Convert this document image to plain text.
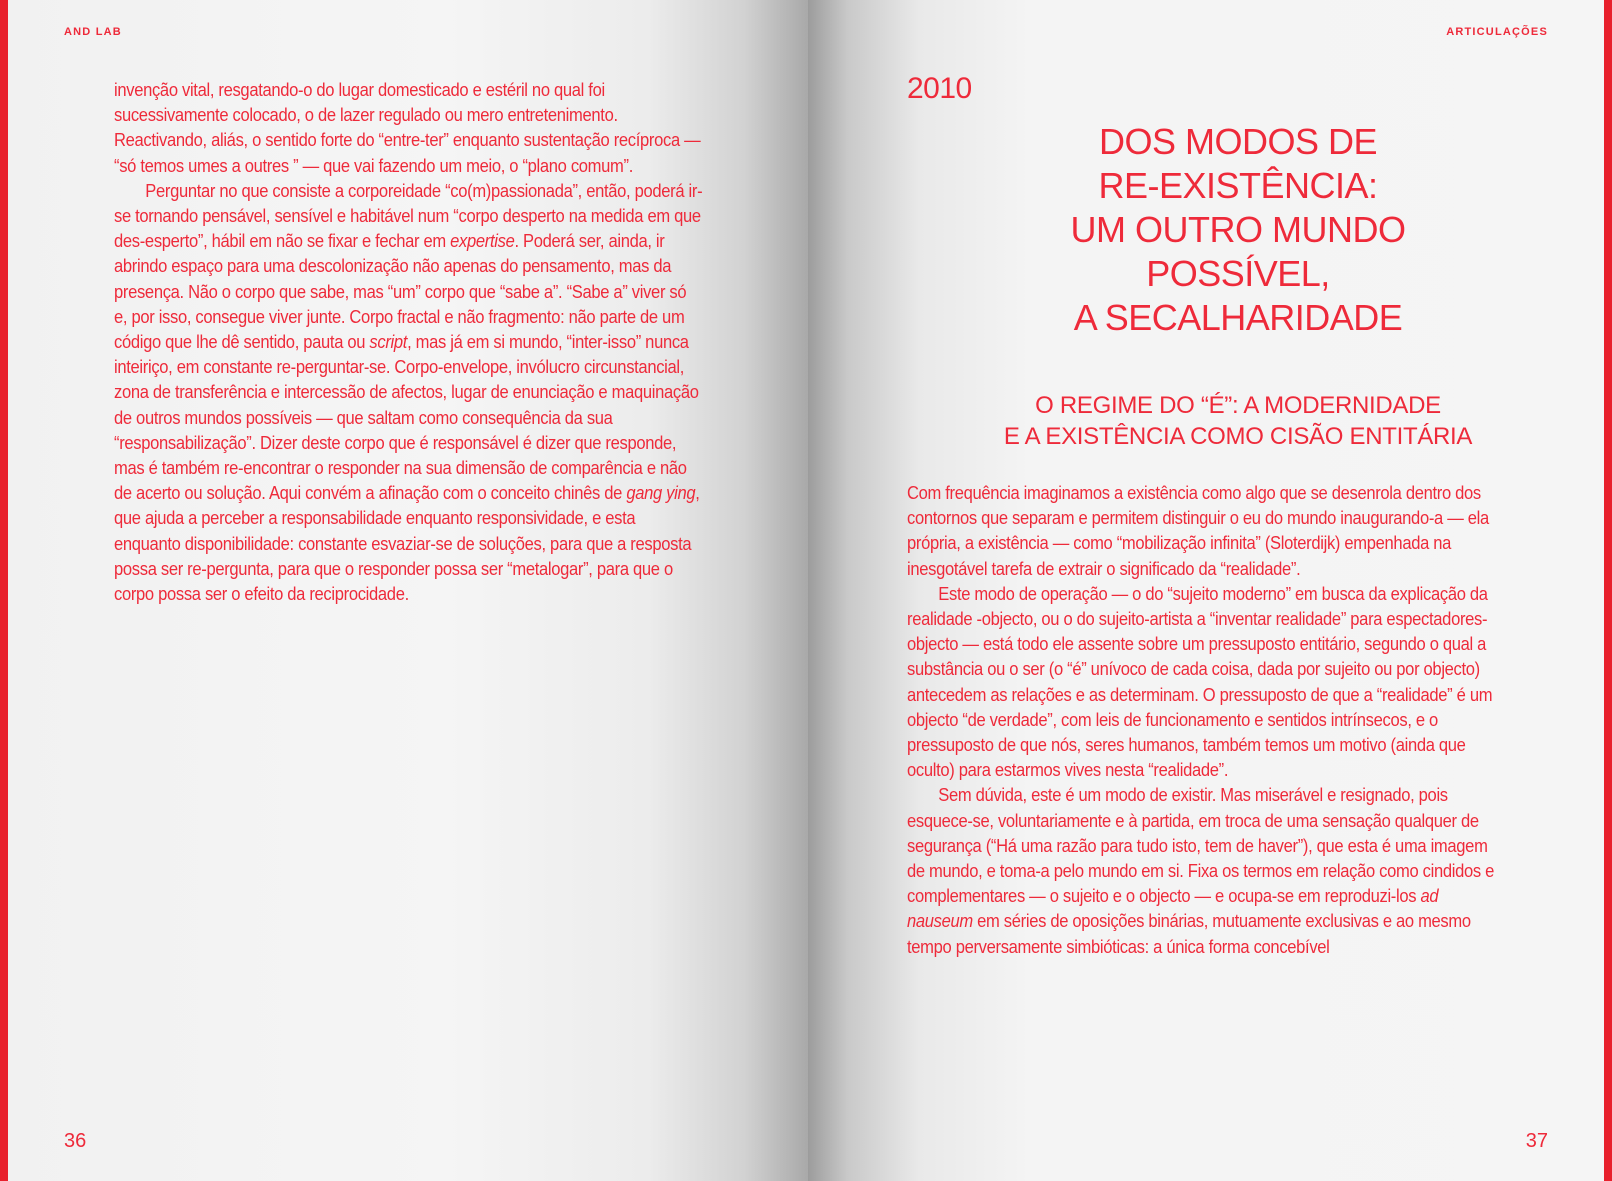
AND LAB

invenção vital, resgatando-o do lugar domesticado e estéril no qual foi sucessivamente colocado, o de lazer regulado ou mero entretenimento. Reactivando, aliás, o sentido forte do “entre-ter” enquanto sustentação recíproca — “só temos umes a outres ” — que vai fazendo um meio, o “plano comum”.

Perguntar no que consiste a corporeidade “co(m)passionada”, então, poderá ir-se tornando pensável, sensível e habitável num “corpo desperto na medida em que des-esperto”, hábil em não se fixar e fechar em expertise. Poderá ser, ainda, ir abrindo espaço para uma descolonização não apenas do pensamento, mas da presença. Não o corpo que sabe, mas “um” corpo que “sabe a”. “Sabe a” viver só e, por isso, consegue viver junte. Corpo fractal e não fragmento: não parte de um código que lhe dê sentido, pauta ou script, mas já em si mundo, “inter-isso” nunca inteiriço, em constante re-perguntar-se. Corpo-envelope, invólucro circunstancial, zona de transferência e intercessão de afectos, lugar de enunciação e maquinação de outros mundos possíveis — que saltam como consequência da sua “responsabilização”. Dizer deste corpo que é responsável é dizer que responde, mas é também re-encontrar o responder na sua dimensão de comparência e não de acerto ou solução. Aqui convém a afinação com o conceito chinês de gang ying, que ajuda a perceber a responsabilidade enquanto responsividade, e esta enquanto disponibilidade: constante esvaziar-se de soluções, para que a resposta possa ser re-pergunta, para que o responder possa ser “metalogar”, para que o corpo possa ser o efeito da reciprocidade.

36
ARTICULAÇÕES
2010
DOS MODOS DE
RE-EXISTÊNCIA:
UM OUTRO MUNDO
POSSÍVEL,
A SECALHARIDADE
O REGIME DO “É”: A MODERNIDADE
E A EXISTÊNCIA COMO CISÃO ENTITÁRIA

Com frequência imaginamos a existência como algo que se desenrola dentro dos contornos que separam e permitem distinguir o eu do mundo inaugurando-a — ela própria, a existência — como “mobilização infinita” (Sloterdijk) empenhada na inesgotável tarefa de extrair o significado da “realidade”.

Este modo de operação — o do “sujeito moderno” em busca da explicação da realidade -objecto, ou o do sujeito-artista a “inventar realidade” para espectadores-objecto — está todo ele assente sobre um pressuposto entitário, segundo o qual a substância ou o ser (o “é” unívoco de cada coisa, dada por sujeito ou por objecto) antecedem as relações e as determinam. O pressuposto de que a “realidade” é um objecto “de verdade”, com leis de funcionamento e sentidos intrínsecos, e o pressuposto de que nós, seres humanos, também temos um motivo (ainda que oculto) para estarmos vives nesta “realidade”.

Sem dúvida, este é um modo de existir. Mas miserável e resignado, pois esquece-se, voluntariamente e à partida, em troca de uma sensação qualquer de segurança (“Há uma razão para tudo isto, tem de haver”), que esta é uma imagem de mundo, e toma-a pelo mundo em si. Fixa os termos em relação como cindidos e complementares — o sujeito e o objecto — e ocupa-se em reproduzi-los ad nauseum em séries de oposições binárias, mutuamente exclusivas e ao mesmo tempo perversamente simbióticas: a única forma concebível

37
